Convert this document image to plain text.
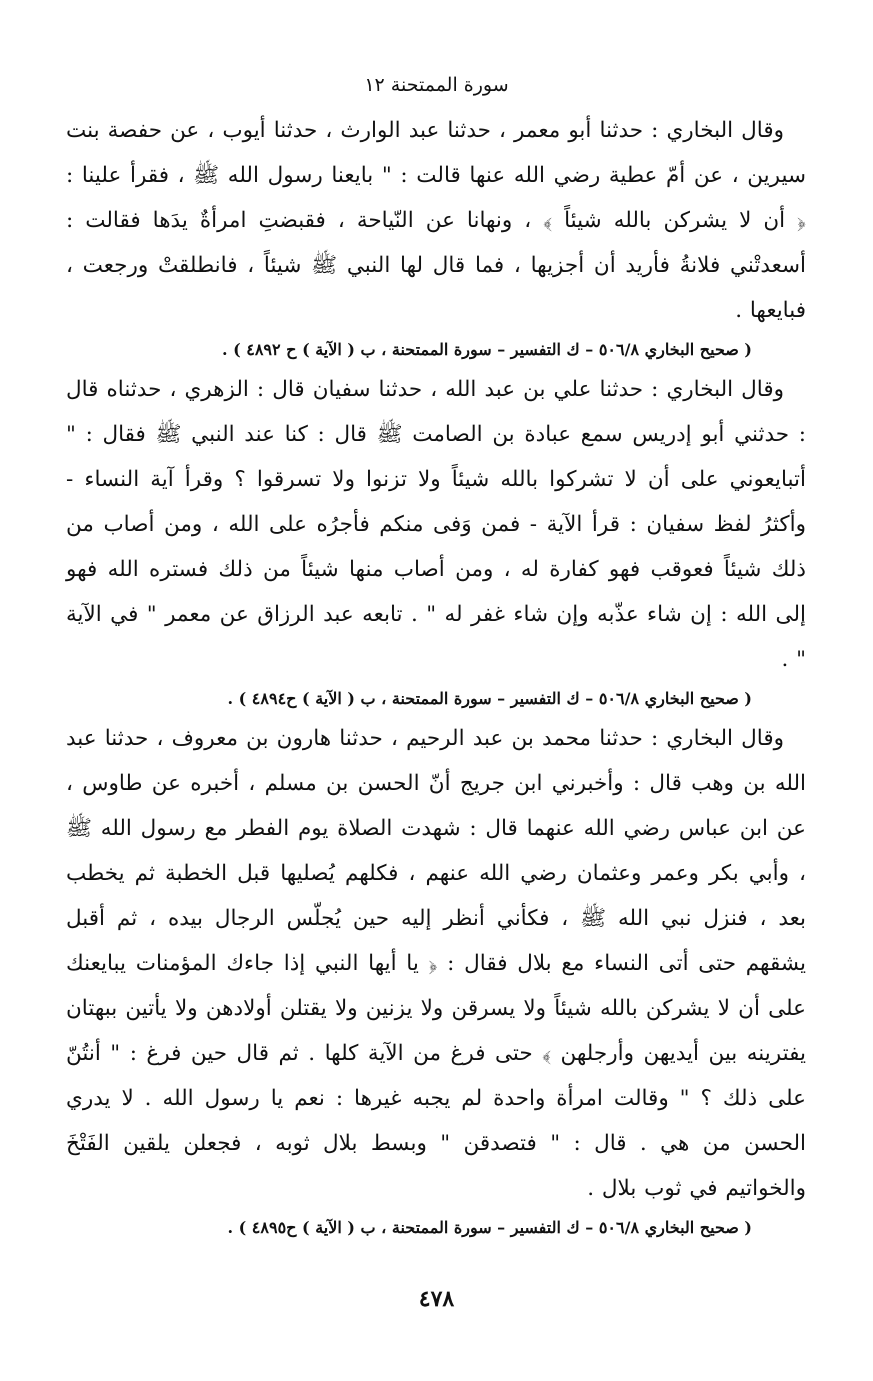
سورة الممتحنة ١٢

وقال البخاري : حدثنا أبو معمر ، حدثنا عبد الوارث ، حدثنا أيوب ، عن حفصة بنت سيرين ، عن أمّ عطية رضي الله عنها قالت : " بايعنا رسول الله ﷺ ، فقرأ علينا : ﴿ أن لا يشركن بالله شيئاً ﴾ ، ونهانا عن النّياحة ، فقبضتِ امرأةٌ يدَها فقالت : أسعدتْني فلانةُ فأريد أن أجزيها ، فما قال لها النبي ﷺ شيئاً ، فانطلقتْ ورجعت ، فبايعها .

( صحيح البخاري ٥٠٦/٨ – ك التفسير – سورة الممتحنة ، ب ( الآية ) ح ٤٨٩٢ ) .

وقال البخاري : حدثنا علي بن عبد الله ، حدثنا سفيان قال : الزهري ، حدثناه قال : حدثني أبو إدريس سمع عبادة بن الصامت ﷺ قال : كنا عند النبي ﷺ فقال : " أتبايعوني على أن لا تشركوا بالله شيئاً ولا تزنوا ولا تسرقوا ؟ وقرأ آية النساء - وأكثرُ لفظ سفيان : قرأ الآية - فمن وَفى منكم فأجرُه على الله ، ومن أصاب من ذلك شيئاً فعوقب فهو كفارة له ، ومن أصاب منها شيئاً من ذلك فستره الله فهو إلى الله : إن شاء عذّبه وإن شاء غفر له " . تابعه عبد الرزاق عن معمر " في الآية " .

( صحيح البخاري ٥٠٦/٨ – ك التفسير – سورة الممتحنة ، ب ( الآية ) ح٤٨٩٤ ) .

وقال البخاري : حدثنا محمد بن عبد الرحيم ، حدثنا هارون بن معروف ، حدثنا عبد الله بن وهب قال : وأخبرني ابن جريج أنّ الحسن بن مسلم ، أخبره عن طاوس ، عن ابن عباس رضي الله عنهما قال : شهدت الصلاة يوم الفطر مع رسول الله ﷺ ، وأبي بكر وعمر وعثمان رضي الله عنهم ، فكلهم يُصليها قبل الخطبة ثم يخطب بعد ، فنزل نبي الله ﷺ ، فكأني أنظر إليه حين يُجلّس الرجال بيده ، ثم أقبل يشقهم حتى أتى النساء مع بلال فقال : ﴿ يا أيها النبي إذا جاءك المؤمنات يبايعنك على أن لا يشركن بالله شيئاً ولا يسرقن ولا يزنين ولا يقتلن أولادهن ولا يأتين ببهتان يفترينه بين أيديهن وأرجلهن ﴾ حتى فرغ من الآية كلها . ثم قال حين فرغ : " أنتُنّ على ذلك ؟ " وقالت امرأة واحدة لم يجبه غيرها : نعم يا رسول الله . لا يدري الحسن من هي . قال : " فتصدقن " وبسط بلال ثوبه ، فجعلن يلقين الفَتْخَ والخواتيم في ثوب بلال .

( صحيح البخاري ٥٠٦/٨ – ك التفسير – سورة الممتحنة ، ب ( الآية ) ح٤٨٩٥ ) .

٤٧٨
